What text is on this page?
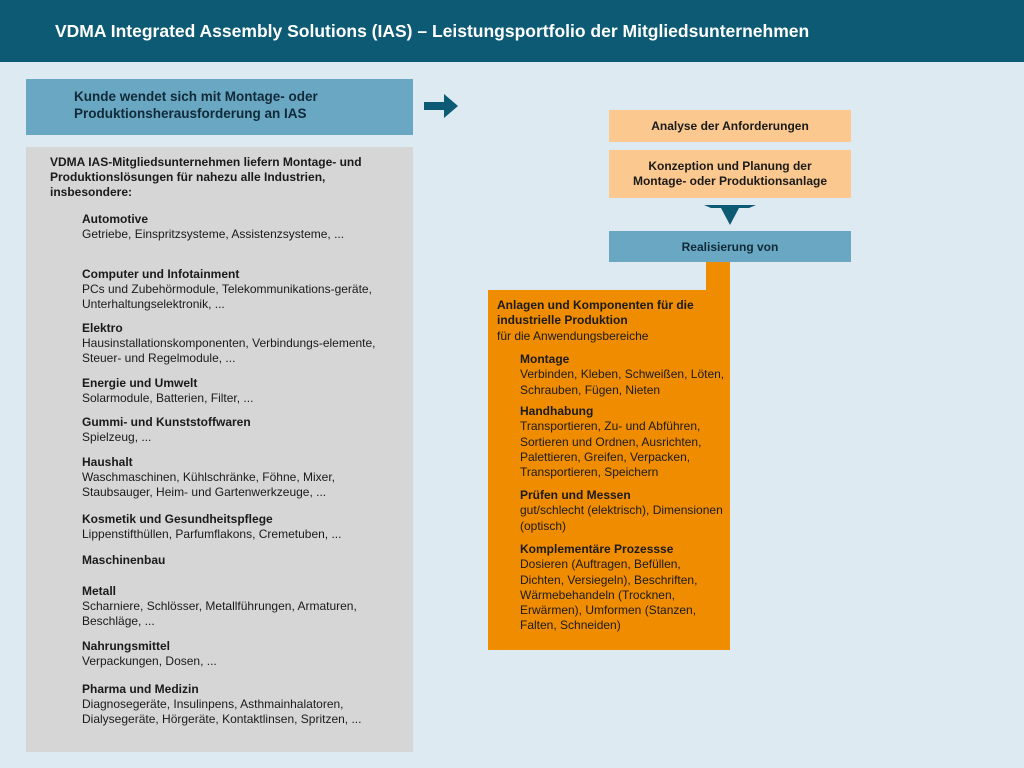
VDMA Integrated Assembly Solutions (IAS) – Leistungsportfolio der Mitgliedsunternehmen
Kunde wendet sich mit Montage- oder Produktionsherausforderung an IAS
VDMA IAS-Mitgliedsunternehmen liefern Montage- und Produktionslösungen für nahezu alle Industrien, insbesondere:
Automotive
Getriebe, Einspritzsysteme, Assistenzsysteme, ...
Computer und Infotainment
PCs und Zubehörmodule, Telekommunikations-geräte, Unterhaltungselektronik, ...
Elektro
Hausinstallationskomponenten, Verbindungs-elemente, Steuer- und Regelmodule, ...
Energie und Umwelt
Solarmodule, Batterien, Filter, ...
Gummi- und Kunststoffwaren
Spielzeug, ...
Haushalt
Waschmaschinen, Kühlschränke, Föhne, Mixer, Staubsauger, Heim- und Gartenwerkzeuge, ...
Kosmetik und Gesundheitspflege
Lippenstifthüllen, Parfumflakons, Cremetuben, ...
Maschinenbau
Metall
Scharniere, Schlösser, Metallführungen, Armaturen, Beschläge, ...
Nahrungsmittel
Verpackungen, Dosen, ...
Pharma und Medizin
Diagnosegeräte, Insulinpens, Asthmainhalatoren, Dialysegeräte, Hörgeräte, Kontaktlinsen, Spritzen, ...
Analyse der Anforderungen
Konzeption und Planung der Montage- oder Produktionsanlage
Realisierung von
Anlagen und Komponenten für die industrielle Produktion
für die Anwendungsbereiche
Montage
Verbinden, Kleben, Schweißen, Löten, Schrauben, Fügen, Nieten
Handhabung
Transportieren, Zu- und Abführen, Sortieren und Ordnen, Ausrichten, Palettieren, Greifen, Verpacken, Transportieren, Speichern
Prüfen und Messen
gut/schlecht (elektrisch), Dimensionen (optisch)
Komplementäre Prozessse
Dosieren (Auftragen, Befüllen, Dichten, Versiegeln), Beschriften, Wärmebehandeln (Trocknen, Erwärmen), Umformen (Stanzen, Falten, Schneiden)
